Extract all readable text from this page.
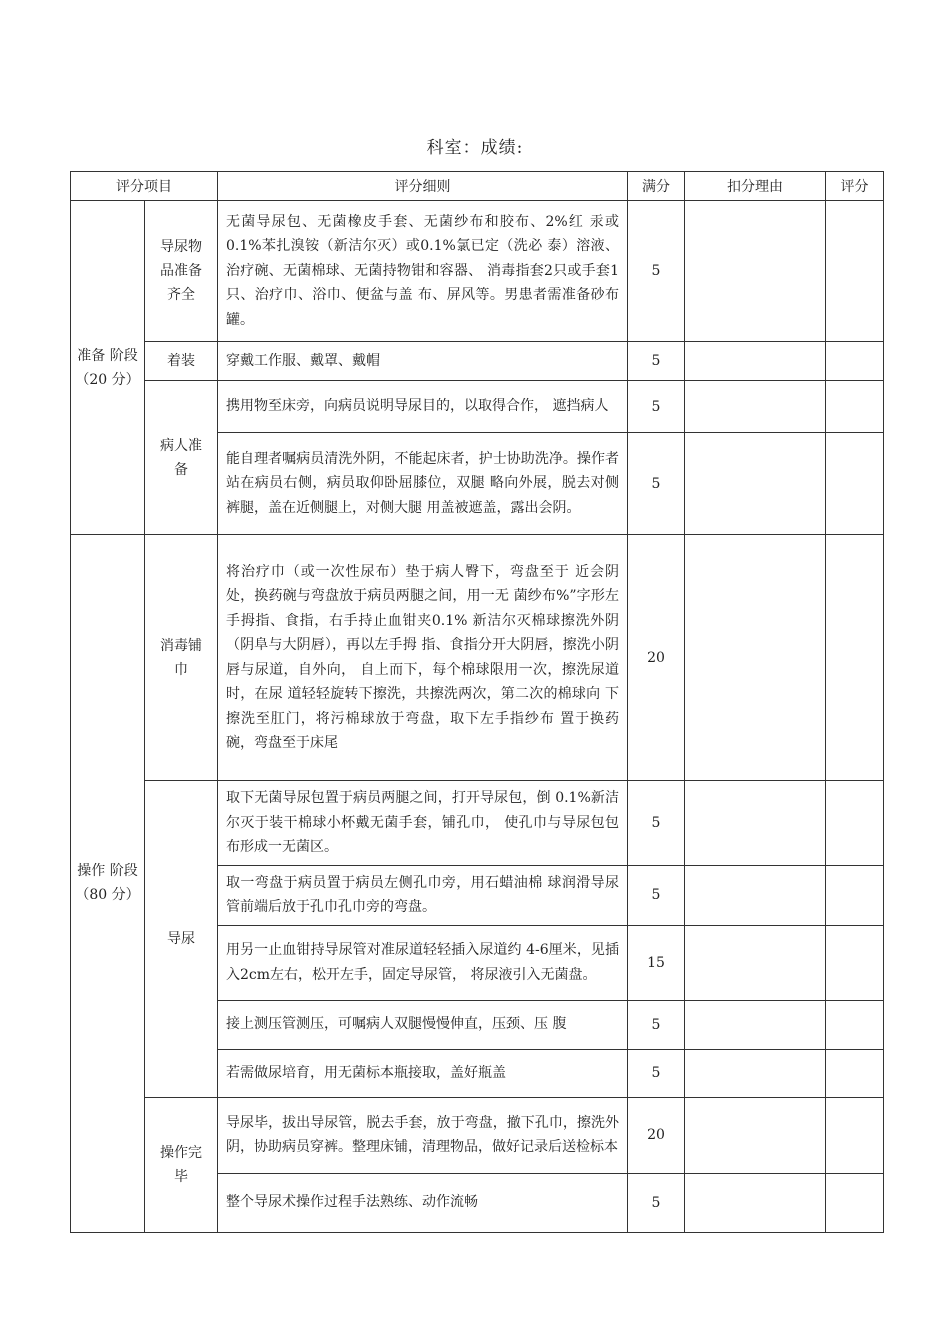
科室：成绩:
评分项目		评分细则	满分	扣分理由	评分
准备 阶段（20 分）	导尿物品准备齐全	无菌导尿包、无菌橡皮手套、无菌纱布和胶布、2%红 汞或0.1%苯扎溴铵（新洁尔灭）或0.1%氯已定（洗必 泰）溶液、治疗碗、无菌棉球、无菌持物钳和容器、 消毒指套2只或手套1只、治疗巾、浴巾、便盆与盖 布、屏风等。男患者需准备砂布罐。	5		
	着装	穿戴工作服、戴罩、戴帽	5		
	病人准备	携用物至床旁，向病员说明导尿目的，以取得合作， 遮挡病人	5		
		能自理者嘱病员清洗外阴，不能起床者，护士协助洗净。操作者站在病员右侧，病员取仰卧屈膝位，双腿 略向外展，脱去对侧裤腿，盖在近侧腿上，对侧大腿 用盖被遮盖，露出会阴。	5		
操作 阶段（80 分）	消毒铺巾	将治疗巾（或一次性尿布）垫于病人臀下，弯盘至于 近会阴处，换药碗与弯盘放于病员两腿之间，用一无 菌纱布%”字形左手拇指、食指，右手持止血钳夹0.1% 新洁尔灭棉球擦洗外阴（阴阜与大阴唇），再以左手拇 指、食指分开大阴唇，擦洗小阴唇与尿道，自外向， 自上而下，每个棉球限用一次，擦洗尿道时，在尿 道轻轻旋转下擦洗，共擦洗两次，第二次的棉球向 下擦洗至肛门，将污棉球放于弯盘，取下左手指纱布 置于换药碗，弯盘至于床尾	20		
	导尿	取下无菌导尿包置于病员两腿之间，打开导尿包，倒 0.1%新洁尔灭于装干棉球小杯戴无菌手套，铺孔巾， 使孔巾与导尿包包布形成一无菌区。	5		
		取一弯盘于病员置于病员左侧孔巾旁，用石蜡油棉 球润滑导尿管前端后放于孔巾孔巾旁的弯盘。	5		
		用另一止血钳持导尿管对准尿道轻轻插入尿道约 4-6厘米，见插入2cm左右，松开左手，固定导尿管， 将尿液引入无菌盘。	15		
		接上测压管测压，可嘱病人双腿慢慢伸直，压颈、压 腹	5		
		若需做尿培育，用无菌标本瓶接取，盖好瓶盖	5		
	操作完毕	导尿毕，拔出导尿管，脱去手套，放于弯盘，撤下孔巾，擦洗外阴，协助病员穿裤。整理床铺，清理物品，做好记录后送检标本	20		
		整个导尿术操作过程手法熟练、动作流畅	5		
